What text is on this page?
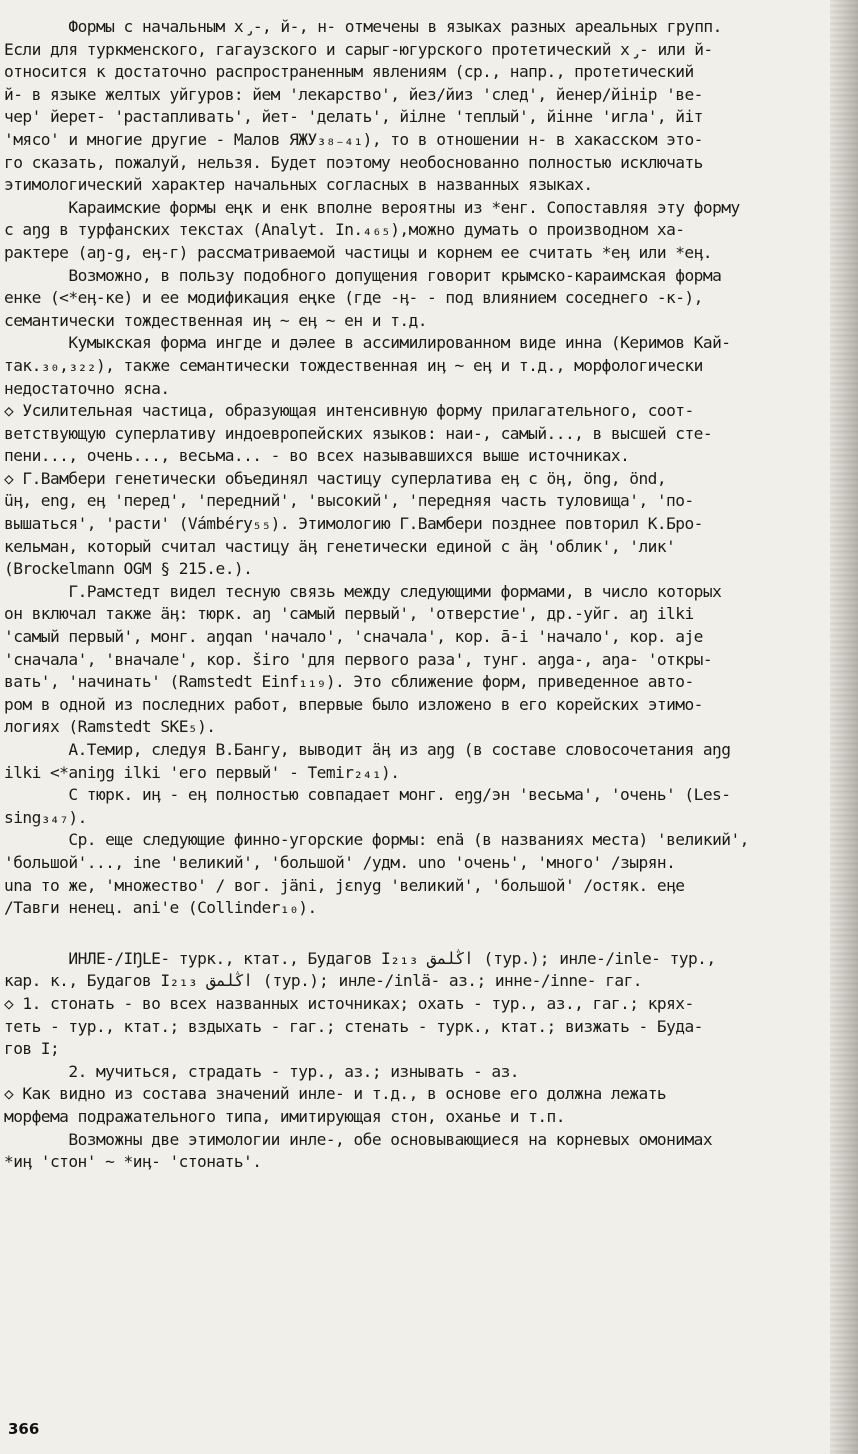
Формы с начальным х̡-, й-, н- отмечены в языках разных ареальных групп.
Если для туркменского, гагаузского и сарыг-югурского протетический х̡- или й-
относится к достаточно распространенным явлениям (ср., напр., протетический
й- в языке желтых уйгуров: йем 'лекарство', йез/йиз 'след', йенер/йінір 'ве-
чер' йерет- 'растапливать', йет- 'делать', йілне 'теплый', йінне 'игла', йіт
'мясо' и многие другие - Малов ЯЖУ₃₈₋₄₁), то в отношении н- в хакасском это-
го сказать, пожалуй, нельзя. Будет поэтому необоснованно полностью исключать
этимологический характер начальных согласных в названных языках.

Караимские формы еңк и енк вполне вероятны из *енг. Сопоставляя эту форму
с aŋg в турфанских текстах (Analyt. In.₄₆₅),можно думать о производном ха-
рактере (aŋ-g, еӊ-г) рассматриваемой частицы и корнем ее считать *еӊ или *еӊ.

Возможно, в пользу подобного допущения говорит крымско-караимская форма
енке (<*еӊ-ке) и ее модификация еңке (где -ӊ- - под влиянием соседнего -к-),
семантически тождественная иӊ ~ еӊ ~ ен и т.д.

Кумыкская форма ингде и дәлее в ассимилированном виде инна (Керимов Кай-
так.₃₀,₃₂₂), также семантически тождественная иӊ ~ еӊ и т.д., морфологически
недостаточно ясна.

◇ Усилительная частица, образующая интенсивную форму прилагательного, соот-
ветствующую суперлативу индоевропейских языков: наи-, самый..., в высшей сте-
пени..., очень..., весьма... - во всех называвшихся выше источниках.

◇ Г.Вамбери генетически объединял частицу суперлатива еӊ с öӊ, öng, önd,
üӊ, eng, eӊ 'перед', 'передний', 'высокий', 'передняя часть туловища', 'по-
вышаться', 'расти' (Vámbéry₅₅). Этимологию Г.Вамбери позднее повторил К.Бро-
кельман, который считал частицу äӊ генетически единой с äӊ 'облик', 'лик'
(Brockelmann OGM § 215.е.).

Г.Рамстедт видел тесную связь между следующими формами, в число которых
он включал также äӊ: тюрк. aŋ 'самый первый', 'отверстие', др.-уйг. aŋ ilki
'самый первый', монг. aŋqan 'начало', 'сначала', кор. ā-i 'начало', кор. aje
'сначала', 'вначале', кор. širo 'для первого раза', тунг. aŋga-, aŋa- 'откры-
вать', 'начинать' (Ramstedt Einf₁₁₉). Это сближение форм, приведенное авто-
ром в одной из последних работ, впервые было изложено в его корейских этимо-
логиях (Ramstedt SKE₅).

А.Темир, следуя В.Бангу, выводит äӊ из aŋg (в составе словосочетания aŋg
ilki <*aniŋg ilki 'его первый' - Temir₂₄₁).

С тюрк. иӊ - еӊ полностью совпадает монг. eŋg/эн 'весьма', 'очень' (Les-
sing₃₄₇).

Ср. еще следующие финно-угорские формы: enä (в названиях места) 'великий',
'большой'..., ine 'великий', 'большой' /удм. uno 'очень', 'много' /зырян.
una то же, 'множество' / вог. jäni, jεnyg 'великий', 'большой' /остяк. eӊe
/Тавги ненец. ani'e (Collinder₁₀).

ИНЛЕ-/IŊLE- турк., ктат., Будагов I₂₁₃ اڭلمق (тур.); инле-/inle- тур.,
кар. к., Будагов I₂₁₃ اڭلمق (тур.); инле-/inlä- аз.; инне-/inne- гаг.
◇ 1. стонать - во всех названных источниках; охать - тур., аз., гаг.; крях-
теть - тур., ктат.; вздыхать - гаг.; стенать - турк., ктат.; визжать - Буда-
гов I;

2. мучиться, страдать - тур., аз.; изнывать - аз.

◇ Как видно из состава значений инле- и т.д., в основе его должна лежать
морфема подражательного типа, имитирующая стон, оханье и т.п.

Возможны две этимологии инле-, обе основывающиеся на корневых омонимах
*иӊ 'стон' ~ *иӊ- 'стонать'.

366
